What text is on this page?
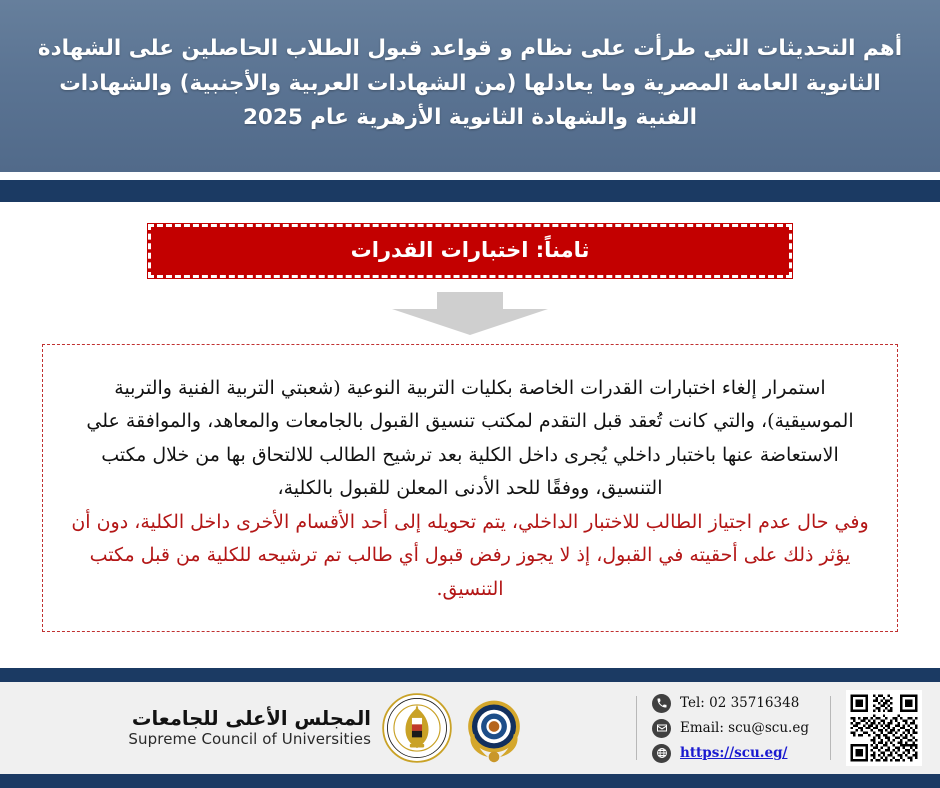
أهم التحديثات التي طرأت على نظام و قواعد قبول الطلاب الحاصلين على الشهادة الثانوية العامة المصرية وما يعادلها (من الشهادات العربية والأجنبية) والشهادات الفنية والشهادة الثانوية الأزهرية عام 2025
ثامناً: اختبارات القدرات

استمرار إلغاء اختبارات القدرات الخاصة بكليات التربية النوعية (شعبتي التربية الفنية والتربية الموسيقية)، والتي كانت تُعقد قبل التقدم لمكتب تنسيق القبول بالجامعات والمعاهد، والموافقة علي الاستعاضة عنها باختبار داخلي يُجرى داخل الكلية بعد ترشيح الطالب للالتحاق بها من خلال مكتب التنسيق، ووفقًا للحد الأدنى المعلن للقبول بالكلية،

وفي حال عدم اجتياز الطالب للاختبار الداخلي، يتم تحويله إلى أحد الأقسام الأخرى داخل الكلية، دون أن يؤثر ذلك على أحقيته في القبول، إذ لا يجوز رفض قبول أي طالب تم ترشيحه للكلية من قبل مكتب التنسيق.

المجلس الأعلى للجامعات
Supreme Council of Universities
Tel: 02 35716348
Email: scu@scu.eg
https://scu.eg/
